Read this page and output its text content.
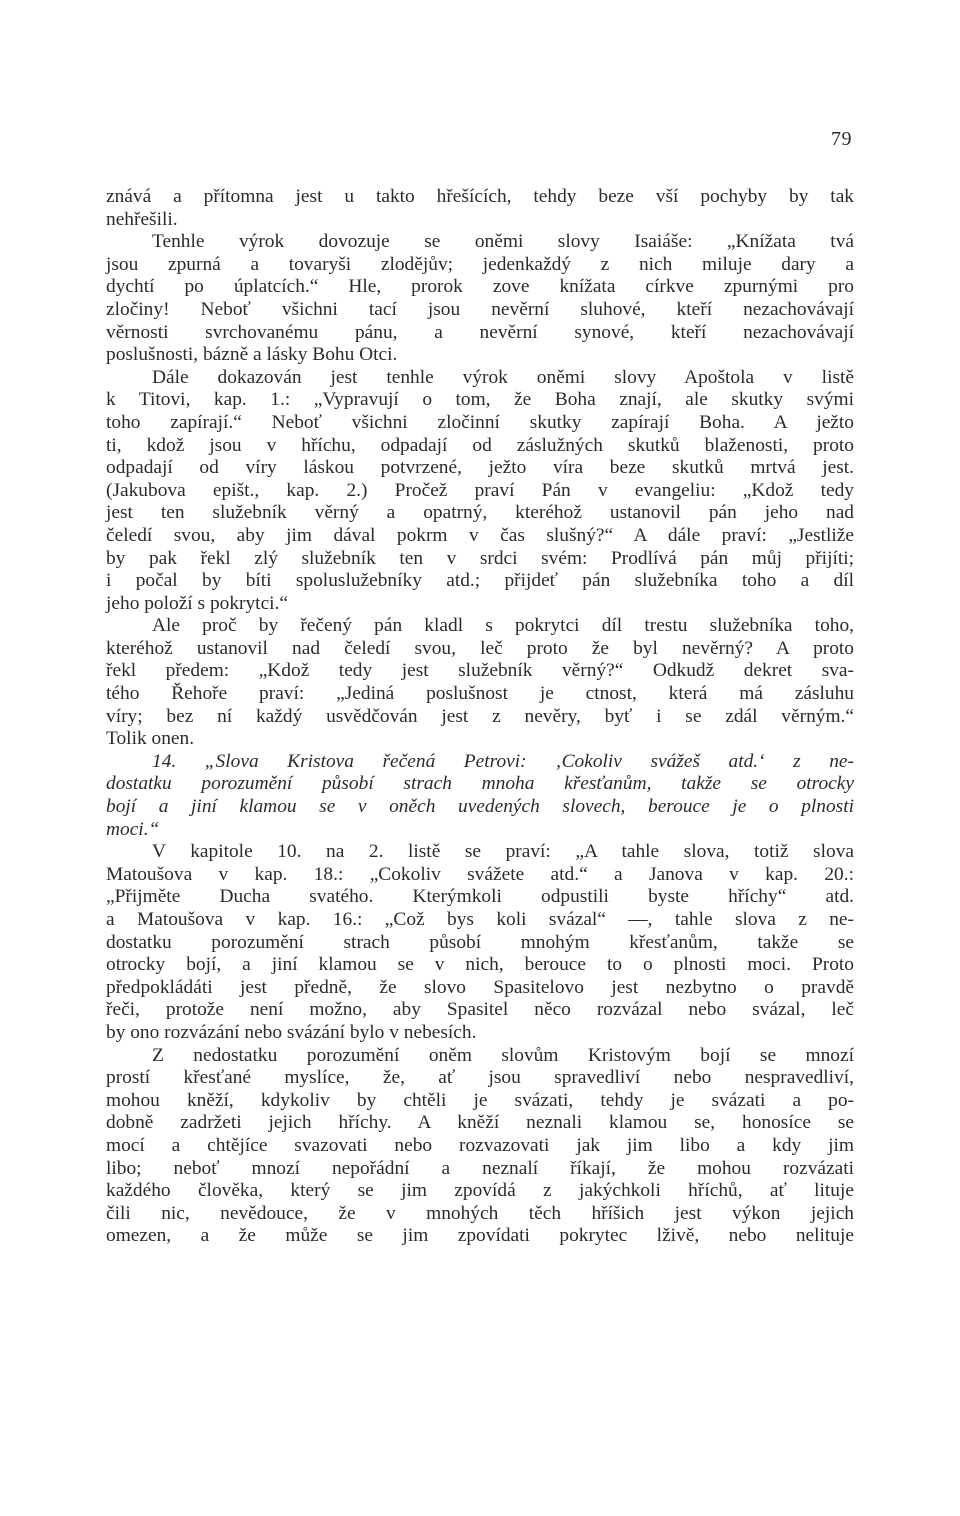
79
znává a přítomna jest u takto hřešících, tehdy beze vší pochyby by tak
nehřešili.
Tenhle výrok dovozuje se oněmi slovy Isaiáše: „Knížata tvá
jsou zpurná a tovaryši zlodějův; jedenkaždý z nich miluje dary a
dychtí po úplatcích.“ Hle, prorok zove knížata církve zpurnými pro
zločiny! Neboť všichni tací jsou nevěrní sluhové, kteří nezachovávají
věrnosti svrchovanému pánu, a nevěrní synové, kteří nezachovávají
poslušnosti, bázně a lásky Bohu Otci.
Dále dokazován jest tenhle výrok oněmi slovy Apoštola v listě
k Titovi, kap. 1.: „Vypravují o tom, že Boha znají, ale skutky svými
toho zapírají.“ Neboť všichni zločinní skutky zapírají Boha. A ježto
ti, kdož jsou v hříchu, odpadají od záslužných skutků blaženosti, proto
odpadají od víry láskou potvrzené, ježto víra beze skutků mrtvá jest.
(Jakubova epišt., kap. 2.) Pročež praví Pán v evangeliu: „Kdož tedy
jest ten služebník věrný a opatrný, kteréhož ustanovil pán jeho nad
čeledí svou, aby jim dával pokrm v čas slušný?“ A dále praví: „Jestliže
by pak řekl zlý služebník ten v srdci svém: Prodlívá pán můj přijíti;
i počal by bíti spoluslužebníky atd.; přijdeť pán služebníka toho a díl
jeho položí s pokrytci.“
Ale proč by řečený pán kladl s pokrytci díl trestu služebníka toho,
kteréhož ustanovil nad čeledí svou, leč proto že byl nevěrný? A proto
řekl předem: „Kdož tedy jest služebník věrný?“ Odkudž dekret sva-
tého Řehoře praví: „Jediná poslušnost je ctnost, která má zásluhu
víry; bez ní každý usvědčován jest z nevěry, byť i se zdál věrným.“
Tolik onen.
14. „Slova Kristova řečená Petrovi: ‚Cokoliv svážeš atd.‘ z ne-
dostatku porozumění působí strach mnoha křesťanům, takže se otrocky
bojí a jiní klamou se v oněch uvedených slovech, berouce je o plnosti
moci.“
V kapitole 10. na 2. listě se praví: „A tahle slova, totiž slova
Matoušova v kap. 18.: „Cokoliv svážete atd.“ a Janova v kap. 20.:
„Přijměte Ducha svatého. Kterýmkoli odpustili byste hříchy“ atd.
a Matoušova v kap. 16.: „Což bys koli svázal“ —, tahle slova z ne-
dostatku porozumění strach působí mnohým křesťanům, takže se
otrocky bojí, a jiní klamou se v nich, berouce to o plnosti moci. Proto
předpokládáti jest předně, že slovo Spasitelovo jest nezbytno o pravdě
řeči, protože není možno, aby Spasitel něco rozvázal nebo svázal, leč
by ono rozvázání nebo svázání bylo v nebesích.
Z nedostatku porozumění oněm slovům Kristovým bojí se mnozí
prostí křesťané myslíce, že, ať jsou spravedliví nebo nespravedliví,
mohou kněží, kdykoliv by chtěli je svázati, tehdy je svázati a po-
dobně zadržeti jejich hříchy. A kněží neznali klamou se, honosíce se
mocí a chtějíce svazovati nebo rozvazovati jak jim libo a kdy jim
libo; neboť mnozí nepořádní a neznalí říkají, že mohou rozvázati
každého člověka, který se jim zpovídá z jakýchkoli hříchů, ať lituje
čili nic, nevědouce, že v mnohých těch hříšich jest výkon jejich
omezen, a že může se jim zpovídati pokrytec lživě, nebo nelituje
